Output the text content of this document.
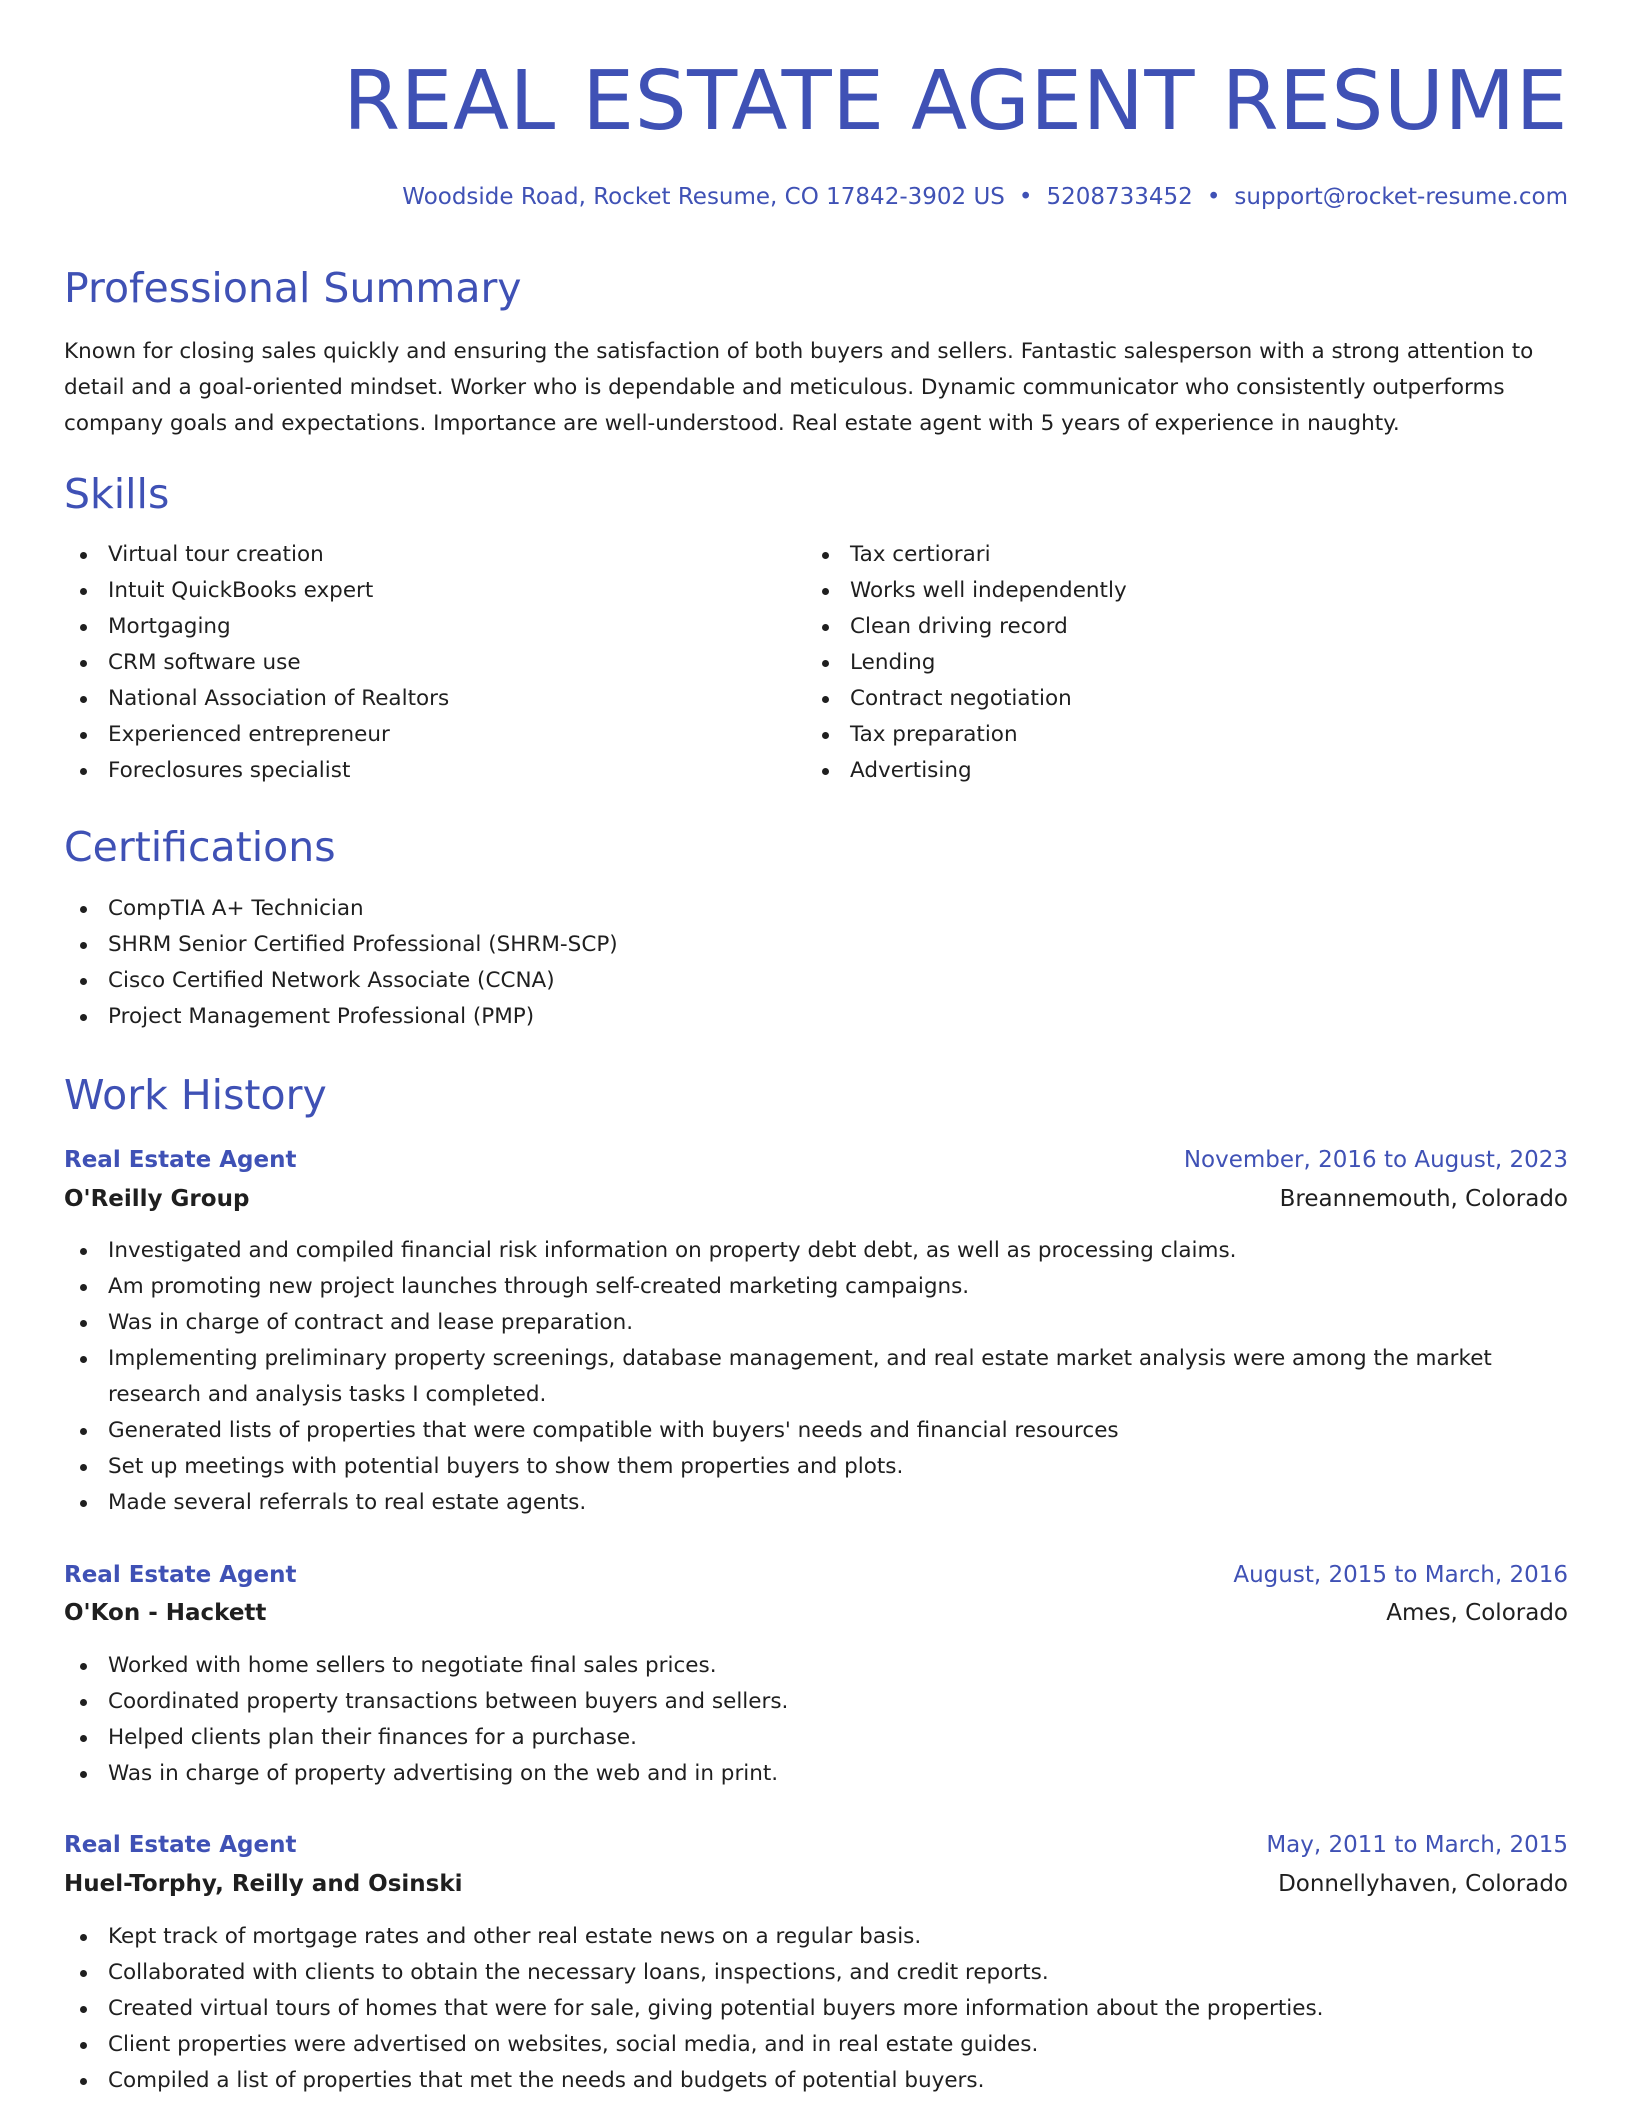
REAL ESTATE AGENT RESUME
Woodside Road, Rocket Resume, CO 17842-3902 US • 5208733452 • support@rocket-resume.com
Professional Summary

Known for closing sales quickly and ensuring the satisfaction of both buyers and sellers. Fantastic salesperson with a strong attention to detail and a goal-oriented mindset. Worker who is dependable and meticulous. Dynamic communicator who consistently outperforms company goals and expectations. Importance are well-understood. Real estate agent with 5 years of experience in naughty.

Skills
Virtual tour creation
Intuit QuickBooks expert
Mortgaging
CRM software use
National Association of Realtors
Experienced entrepreneur
Foreclosures specialist
Tax certiorari
Works well independently
Clean driving record
Lending
Contract negotiation
Tax preparation
Advertising
Certifications
CompTIA A+ Technician
SHRM Senior Certified Professional (SHRM-SCP)
Cisco Certified Network Associate (CCNA)
Project Management Professional (PMP)
Work History
Real Estate Agent	November, 2016 to August, 2023
O'Reilly Group	Breannemouth, Colorado
Investigated and compiled financial risk information on property debt debt, as well as processing claims.
Am promoting new project launches through self-created marketing campaigns.
Was in charge of contract and lease preparation.
Implementing preliminary property screenings, database management, and real estate market analysis were among the market research and analysis tasks I completed.
Generated lists of properties that were compatible with buyers' needs and financial resources
Set up meetings with potential buyers to show them properties and plots.
Made several referrals to real estate agents.
Real Estate Agent	August, 2015 to March, 2016
O'Kon - Hackett	Ames, Colorado
Worked with home sellers to negotiate final sales prices.
Coordinated property transactions between buyers and sellers.
Helped clients plan their finances for a purchase.
Was in charge of property advertising on the web and in print.
Real Estate Agent	May, 2011 to March, 2015
Huel-Torphy, Reilly and Osinski	Donnellyhaven, Colorado
Kept track of mortgage rates and other real estate news on a regular basis.
Collaborated with clients to obtain the necessary loans, inspections, and credit reports.
Created virtual tours of homes that were for sale, giving potential buyers more information about the properties.
Client properties were advertised on websites, social media, and in real estate guides.
Compiled a list of properties that met the needs and budgets of potential buyers.
